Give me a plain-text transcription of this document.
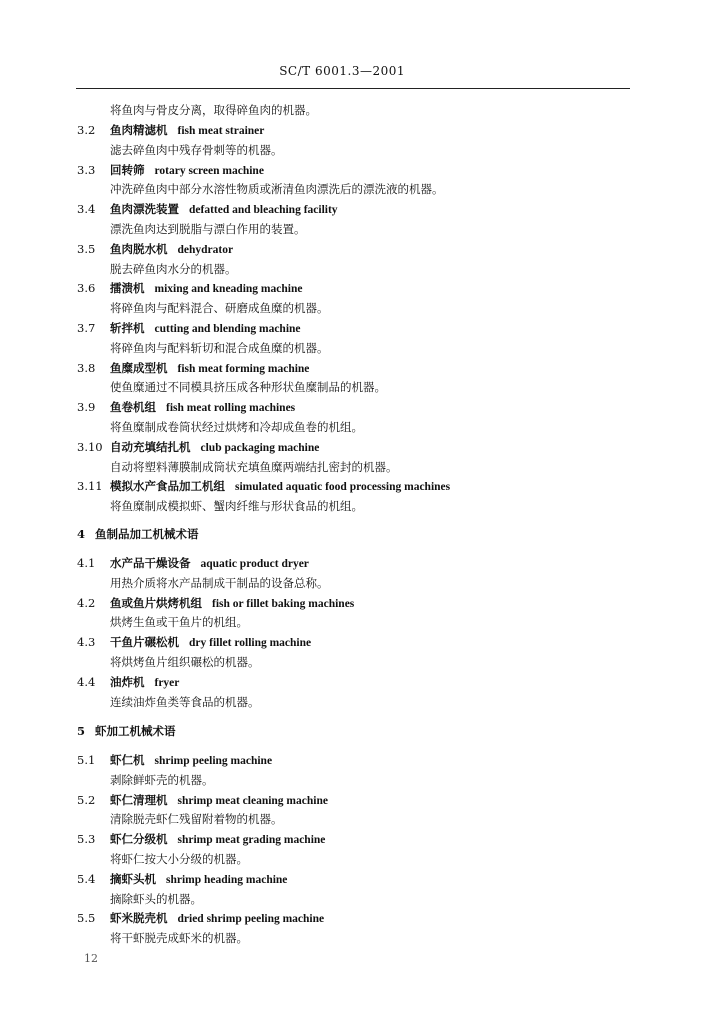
SC/T 6001.3—2001
将鱼肉与骨皮分离，取得碎鱼肉的机器。
3.2 鱼肉精滤机 fish meat strainer
滤去碎鱼肉中残存骨刺等的机器。
3.3 回转筛 rotary screen machine
冲洗碎鱼肉中部分水溶性物质或淅清鱼肉漂洗后的漂洗液的机器。
3.4 鱼肉漂洗装置 defatted and bleaching facility
漂洗鱼肉达到脱脂与漂白作用的装置。
3.5 鱼肉脱水机 dehydrator
脱去碎鱼肉水分的机器。
3.6 擂溃机 mixing and kneading machine
将碎鱼肉与配料混合、研磨成鱼糜的机器。
3.7 斩拌机 cutting and blending machine
将碎鱼肉与配料斩切和混合成鱼糜的机器。
3.8 鱼糜成型机 fish meat forming machine
使鱼糜通过不同模具挤压成各种形状鱼糜制品的机器。
3.9 鱼卷机组 fish meat rolling machines
将鱼糜制成卷筒状经过烘烤和冷却成鱼卷的机组。
3.10 自动充填结扎机 club packaging machine
自动将塑料薄膜制成筒状充填鱼糜两端结扎密封的机器。
3.11 模拟水产食品加工机组 simulated aquatic food processing machines
将鱼糜制成模拟虾、蟹肉纤维与形状食品的机组。
4 鱼制品加工机械术语
4.1 水产品干燥设备 aquatic product dryer
用热介质将水产品制成干制品的设备总称。
4.2 鱼或鱼片烘烤机组 fish or fillet baking machines
烘烤生鱼或干鱼片的机组。
4.3 干鱼片碾松机 dry fillet rolling machine
将烘烤鱼片组织碾松的机器。
4.4 油炸机 fryer
连续油炸鱼类等食品的机器。
5 虾加工机械术语
5.1 虾仁机 shrimp peeling machine
剥除鲜虾壳的机器。
5.2 虾仁清理机 shrimp meat cleaning machine
清除脱壳虾仁残留附着物的机器。
5.3 虾仁分级机 shrimp meat grading machine
将虾仁按大小分级的机器。
5.4 摘虾头机 shrimp heading machine
摘除虾头的机器。
5.5 虾米脱壳机 dried shrimp peeling machine
将干虾脱壳成虾米的机器。
12
